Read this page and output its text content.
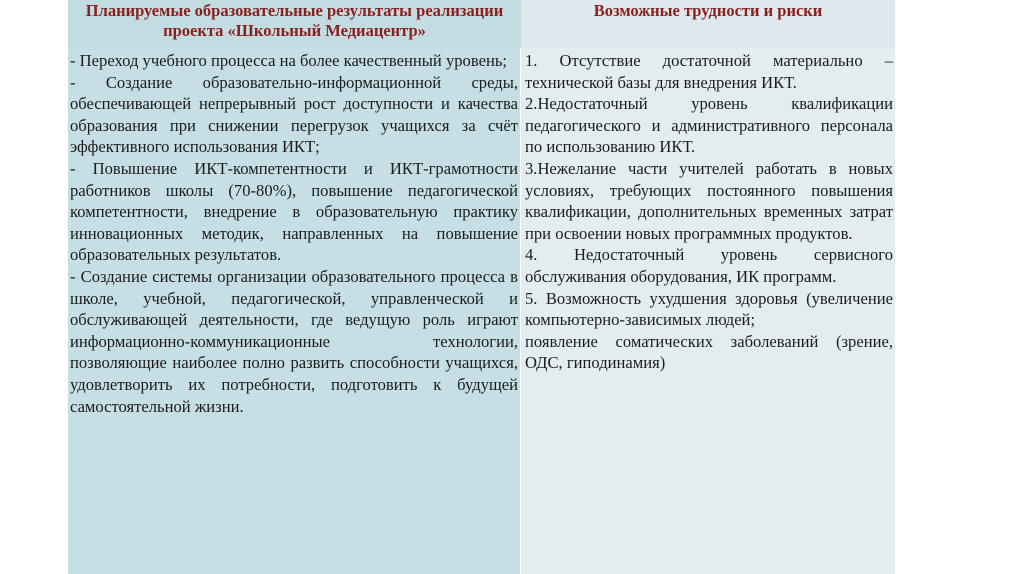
Планируемые образовательные результаты реализации проекта «Школьный Медиацентр»
Возможные трудности и риски

- Переход учебного процесса на более качественный уровень;

- Создание образовательно-информационной среды, обеспечивающей непрерывный рост доступности и качества образования при снижении перегрузок учащихся за счёт эффективного использования ИКТ;

- Повышение ИКТ-компетентности и ИКТ-грамотности работников школы (70-80%), повышение педагогической компетентности, внедрение в образовательную практику инновационных методик, направленных на повышение образовательных результатов.

- Создание системы организации образовательного процесса в школе, учебной, педагогической, управленческой и обслуживающей деятельности, где ведущую роль играют информационно-коммуникационные технологии, позволяющие наиболее полно развить способности учащихся, удовлетворить их потребности, подготовить к будущей самостоятельной жизни.

1. Отсутствие достаточной материально – технической базы для внедрения ИКТ.

2.Недостаточный уровень квалификации педагогического и административного персонала по использованию ИКТ.

3.Нежелание части учителей работать в новых условиях, требующих постоянного повышения квалификации, дополнительных временных затрат при освоении новых программных продуктов.

4. Недостаточный уровень сервисного обслуживания оборудования, ИК программ.

5. Возможность ухудшения здоровья (увеличение компьютерно-зависимых людей;

появление соматических заболеваний (зрение, ОДС, гиподинамия)
